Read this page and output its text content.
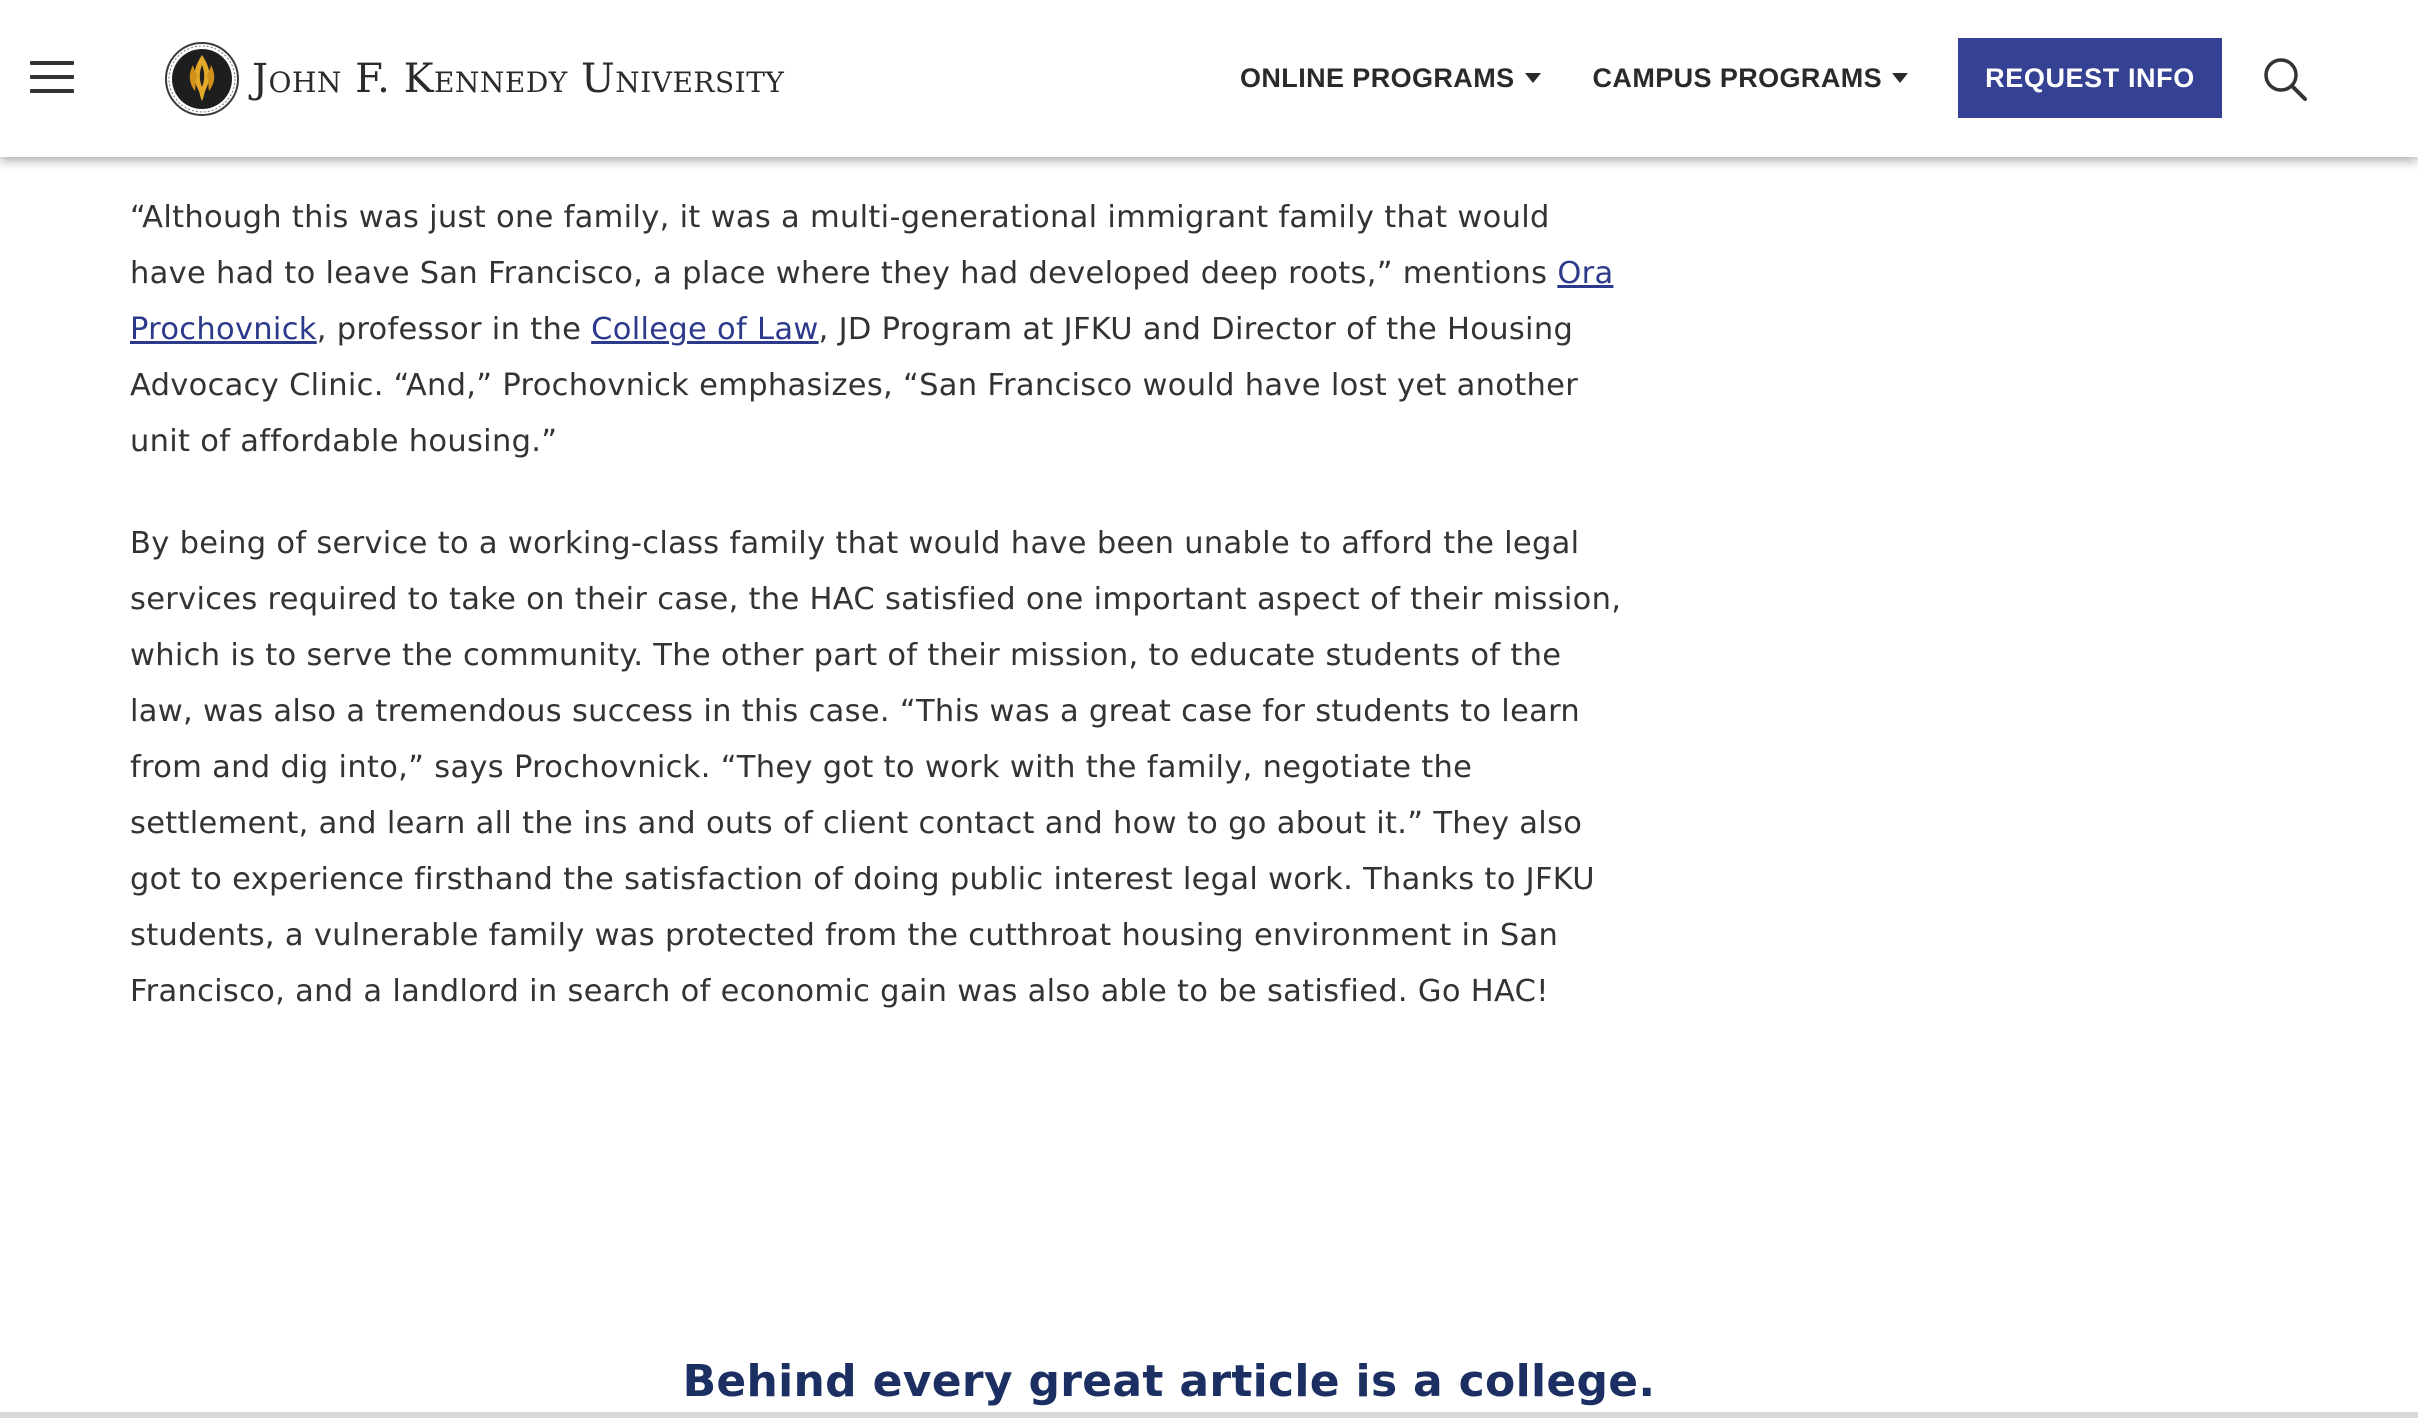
John F. Kennedy University	ONLINE PROGRAMS	CAMPUS PROGRAMS	REQUEST INFO

“Although this was just one family, it was a multi-generational immigrant family that would have had to leave San Francisco, a place where they had developed deep roots,” mentions Ora Prochovnick, professor in the College of Law, JD Program at JFKU and Director of the Housing Advocacy Clinic. “And,” Prochovnick emphasizes, “San Francisco would have lost yet another unit of affordable housing.”

By being of service to a working-class family that would have been unable to afford the legal services required to take on their case, the HAC satisfied one important aspect of their mission, which is to serve the community. The other part of their mission, to educate students of the law, was also a tremendous success in this case. “This was a great case for students to learn from and dig into,” says Prochovnick. “They got to work with the family, negotiate the settlement, and learn all the ins and outs of client contact and how to go about it.” They also got to experience firsthand the satisfaction of doing public interest legal work. Thanks to JFKU students, a vulnerable family was protected from the cutthroat housing environment in San Francisco, and a landlord in search of economic gain was also able to be satisfied. Go HAC!

Behind every great article is a college.
